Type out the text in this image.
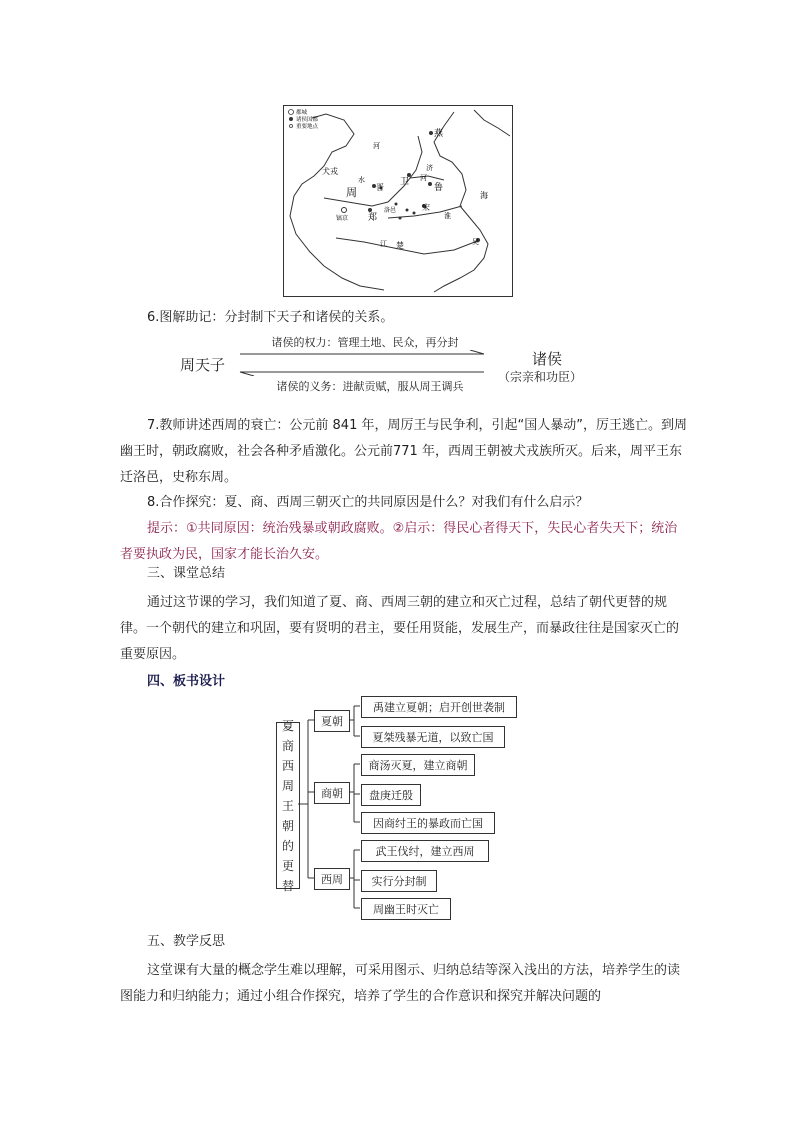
都城
诸侯国都
重要地点
燕
犬戎
周 晋
卫
鲁
郑
洛邑	宋
镐京
楚	吴
海
河
水
济
河
江
淮

6.图解助记：分封制下天子和诸侯的关系。

周天子
诸侯的权力：管理土地、民众，再分封
诸侯的义务：进献贡赋，服从周王调兵
诸侯
（宗亲和功臣）

7.教师讲述西周的衰亡：公元前 841 年，周厉王与民争利，引起“国人暴动”，厉王逃亡。到周幽王时，朝政腐败，社会各种矛盾激化。公元前771 年，西周王朝被犬戎族所灭。后来，周平王东迁洛邑，史称东周。

8.合作探究：夏、商、西周三朝灭亡的共同原因是什么？对我们有什么启示？

提示：①共同原因：统治残暴或朝政腐败。②启示：得民心者得天下，失民心者失天下；统治者要执政为民，国家才能长治久安。

三、课堂总结

通过这节课的学习，我们知道了夏、商、西周三朝的建立和灭亡过程，总结了朝代更替的规律。一个朝代的建立和巩固，要有贤明的君主，要任用贤能，发展生产，而暴政往往是国家灭亡的重要原因。

四、板书设计

夏
商
西
周
王
朝
的
更
替
夏朝
商朝
西周
禹建立夏朝；启开创世袭制
夏桀残暴无道，以致亡国
商汤灭夏，建立商朝
盘庚迁殷
因商纣王的暴政而亡国
武王伐纣，建立西周
实行分封制
周幽王时灭亡

五、教学反思

这堂课有大量的概念学生难以理解，可采用图示、归纳总结等深入浅出的方法，培养学生的读图能力和归纳能力；通过小组合作探究，培养了学生的合作意识和探究并解决问题的
